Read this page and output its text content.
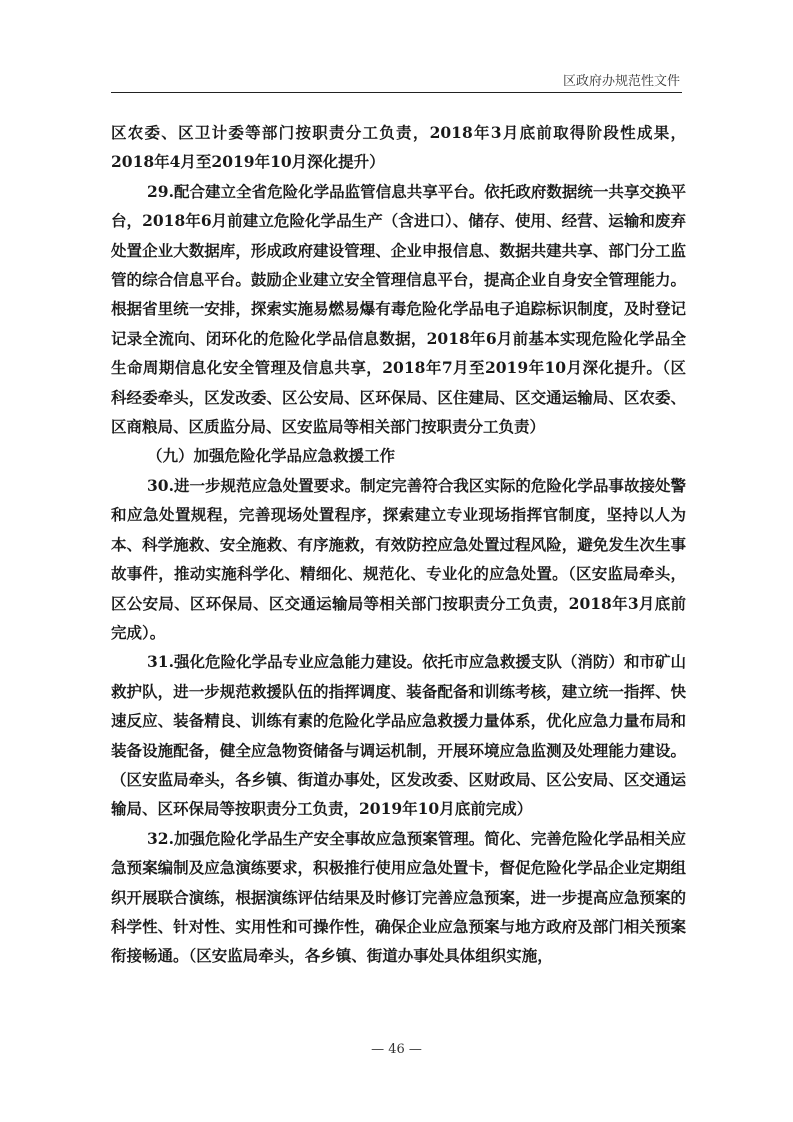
区政府办规范性文件

区农委、区卫计委等部门按职责分工负责，2018年3月底前取得阶段性成果，2018年4月至2019年10月深化提升）

29.配合建立全省危险化学品监管信息共享平台。依托政府数据统一共享交换平台，2018年6月前建立危险化学品生产（含进口）、储存、使用、经营、运输和废弃处置企业大数据库，形成政府建设管理、企业申报信息、数据共建共享、部门分工监管的综合信息平台。鼓励企业建立安全管理信息平台，提高企业自身安全管理能力。根据省里统一安排，探索实施易燃易爆有毒危险化学品电子追踪标识制度，及时登记记录全流向、闭环化的危险化学品信息数据，2018年6月前基本实现危险化学品全生命周期信息化安全管理及信息共享，2018年7月至2019年10月深化提升。（区科经委牵头，区发改委、区公安局、区环保局、区住建局、区交通运输局、区农委、区商粮局、区质监分局、区安监局等相关部门按职责分工负责）

（九）加强危险化学品应急救援工作

30.进一步规范应急处置要求。制定完善符合我区实际的危险化学品事故接处警和应急处置规程，完善现场处置程序，探索建立专业现场指挥官制度，坚持以人为本、科学施救、安全施救、有序施救，有效防控应急处置过程风险，避免发生次生事故事件，推动实施科学化、精细化、规范化、专业化的应急处置。（区安监局牵头，区公安局、区环保局、区交通运输局等相关部门按职责分工负责，2018年3月底前完成）。

31.强化危险化学品专业应急能力建设。依托市应急救援支队（消防）和市矿山救护队，进一步规范救援队伍的指挥调度、装备配备和训练考核，建立统一指挥、快速反应、装备精良、训练有素的危险化学品应急救援力量体系，优化应急力量布局和装备设施配备，健全应急物资储备与调运机制，开展环境应急监测及处理能力建设。（区安监局牵头，各乡镇、街道办事处，区发改委、区财政局、区公安局、区交通运输局、区环保局等按职责分工负责，2019年10月底前完成）

32.加强危险化学品生产安全事故应急预案管理。简化、完善危险化学品相关应急预案编制及应急演练要求，积极推行使用应急处置卡，督促危险化学品企业定期组织开展联合演练，根据演练评估结果及时修订完善应急预案，进一步提高应急预案的科学性、针对性、实用性和可操作性，确保企业应急预案与地方政府及部门相关预案衔接畅通。（区安监局牵头，各乡镇、街道办事处具体组织实施，

— 46 —
